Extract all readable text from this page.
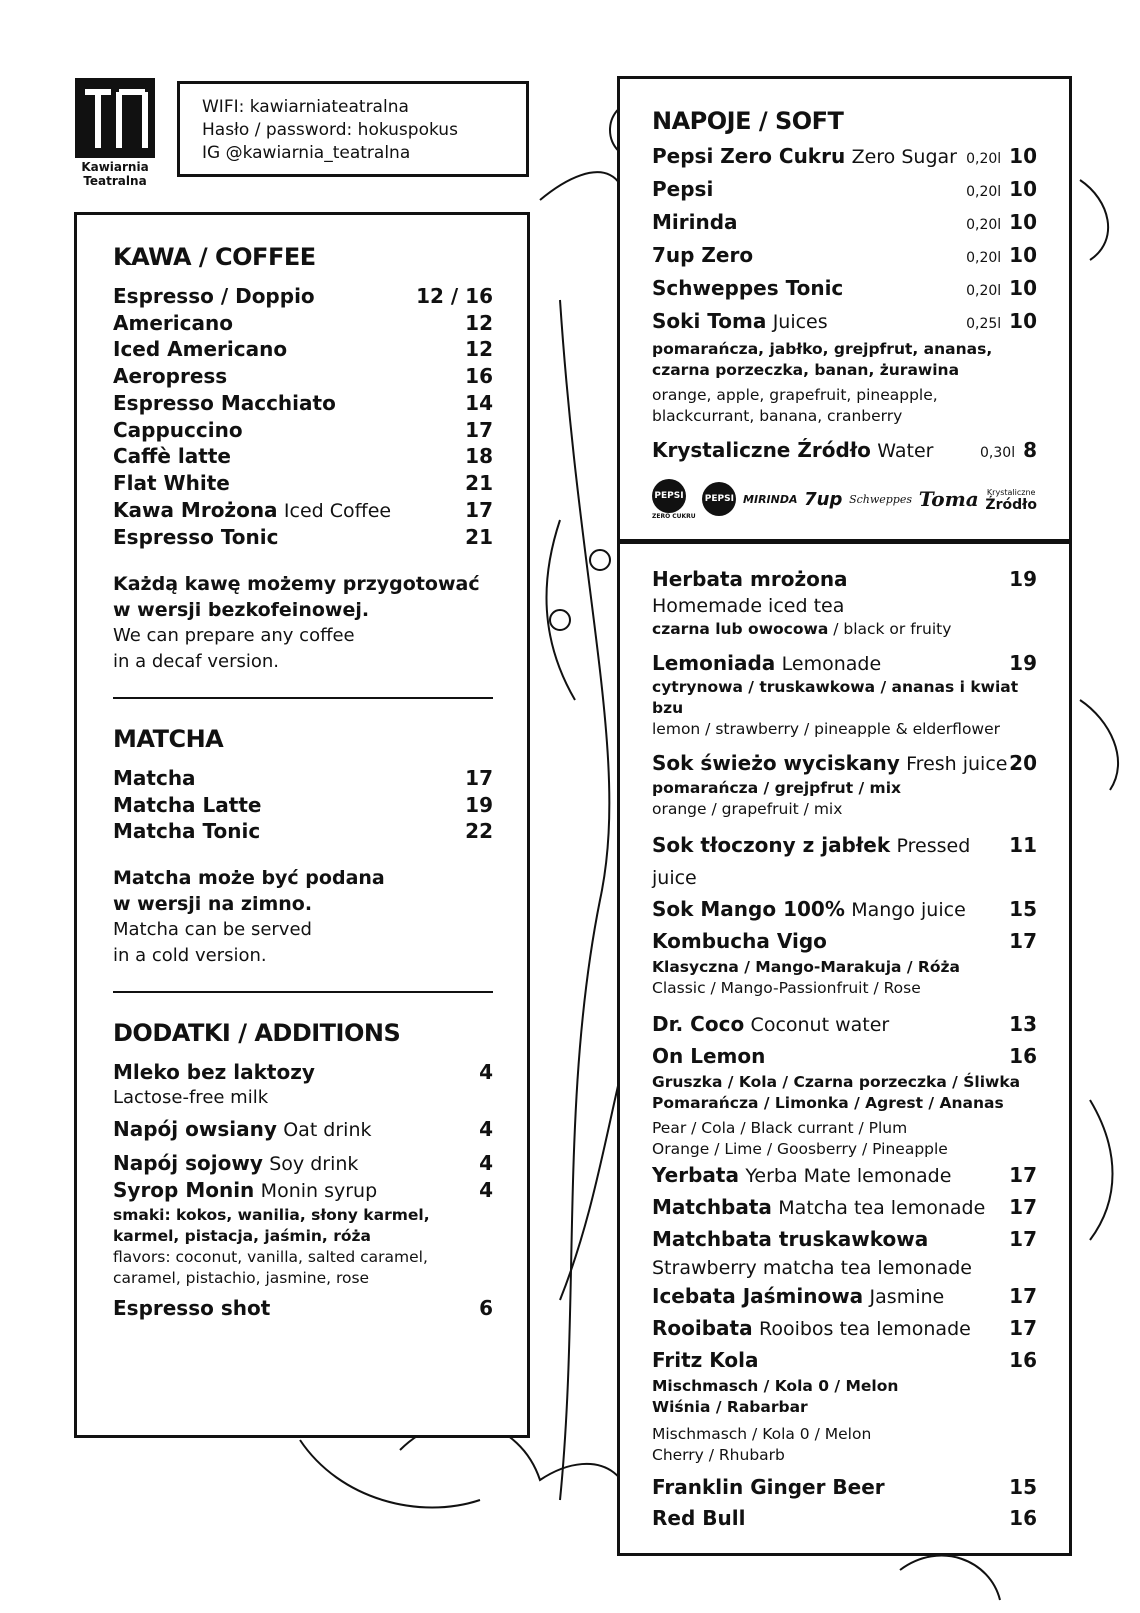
Kawiarnia
Teatralna
WIFI: kawiarniateatralna
Hasło / password: hokuspokus
IG @kawiarnia_teatralna
KAWA / COFFEE
Espresso / Doppio	12 / 16
Americano	12
Iced Americano	12
Aeropress	16
Espresso Macchiato	14
Cappuccino	17
Caffè latte	18
Flat White	21
Kawa Mrożona Iced Coffee	17
Espresso Tonic	21
Każdą kawę możemy przygotować
w wersji bezkofeinowej.
We can prepare any coffee
in a decaf version.
MATCHA
Matcha	17
Matcha Latte	19
Matcha Tonic	22
Matcha może być podana
w wersji na zimno.
Matcha can be served
in a cold version.
DODATKI / ADDITIONS
Mleko bez laktozy	4
Lactose-free milk
Napój owsiany Oat drink	4
Napój sojowy Soy drink	4
Syrop Monin Monin syrup	4
smaki: kokos, wanilia, słony karmel,
karmel, pistacja, jaśmin, róża
flavors: coconut, vanilla, salted caramel,
caramel, pistachio, jasmine, rose
Espresso shot	6
NAPOJE / SOFT
Pepsi Zero Cukru Zero Sugar 0,20l 10
Pepsi	0,20l 10
Mirinda	0,20l 10
7up Zero	0,20l 10
Schweppes Tonic	0,20l 10
Soki Toma Juices	0,25l 10
pomarańcza, jabłko, grejpfrut, ananas,
czarna porzeczka, banan, żurawina
orange, apple, grapefruit, pineapple,
blackcurrant, banana, cranberry
Krystaliczne Źródło Water	0,30l 8
PEPSI
ZERO CUKRU
PEPSI MIRINDA 7up Schweppes Toma Krystaliczne
Źródło
Herbata mrożona	19
Homemade iced tea
czarna lub owocowa / black or fruity
Lemoniada Lemonade	19
cytrynowa / truskawkowa / ananas i kwiat bzu
lemon / strawberry / pineapple & elderflower
Sok świeżo wyciskany Fresh juice 20
pomarańcza / grejpfrut / mix
orange / grapefruit / mix
Sok tłoczony z jabłek Pressed juice
11
Sok Mango 100% Mango juice 15
Kombucha Vigo	17
Klasyczna / Mango-Marakuja / Róża
Classic / Mango-Passionfruit / Rose
Dr. Coco Coconut water	13
On Lemon	16
Gruszka / Kola / Czarna porzeczka / Śliwka
Pomarańcza / Limonka / Agrest / Ananas
Pear / Cola / Black currant / Plum
Orange / Lime / Goosberry / Pineapple
Yerbata Yerba Mate lemonade	17
Matchbata Matcha tea lemonade 17
Matchbata truskawkowa	17
Strawberry matcha tea lemonade
Icebata Jaśminowa Jasmine	17
Rooibata Rooibos tea lemonade 17
Fritz Kola	16
Mischmasch / Kola 0 / Melon
Wiśnia / Rabarbar
Mischmasch / Kola 0 / Melon
Cherry / Rhubarb
Franklin Ginger Beer	15
Red Bull	16
